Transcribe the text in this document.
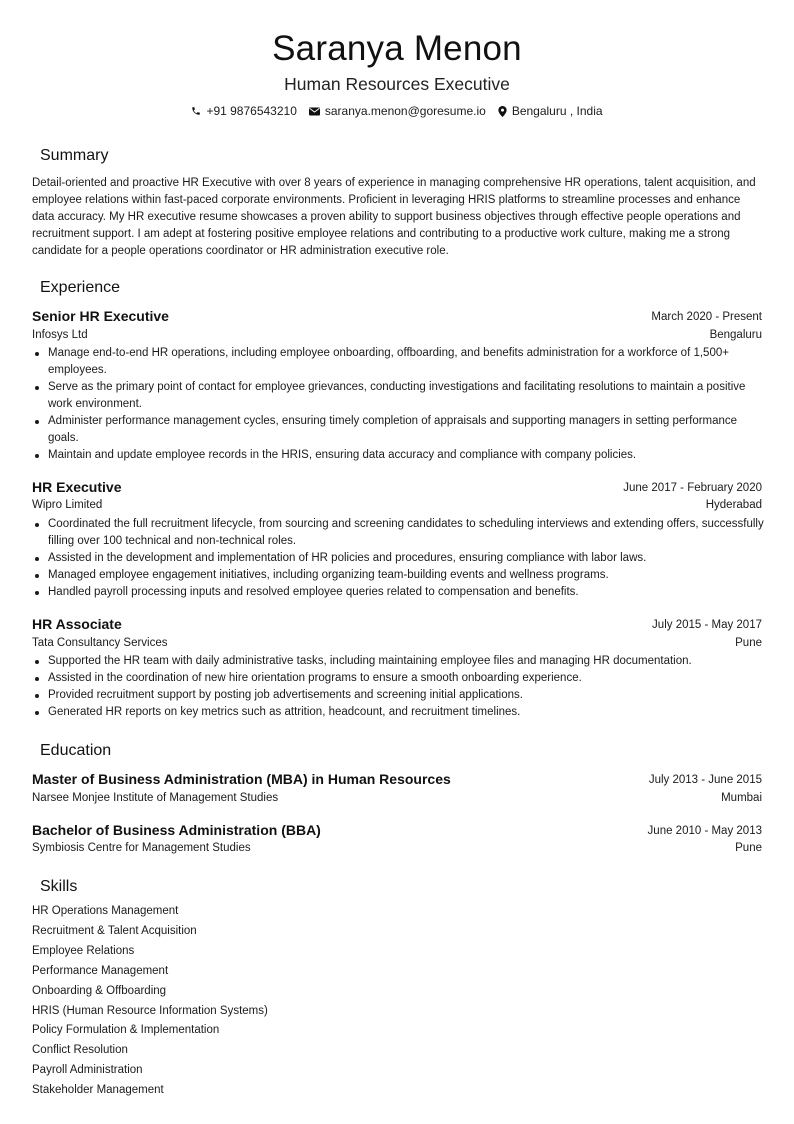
Saranya Menon
Human Resources Executive
+91 9876543210 saranya.menon@goresume.io Bengaluru , India
Summary
Detail-oriented and proactive HR Executive with over 8 years of experience in managing comprehensive HR operations, talent acquisition, and employee relations within fast-paced corporate environments. Proficient in leveraging HRIS platforms to streamline processes and enhance data accuracy. My HR executive resume showcases a proven ability to support business objectives through effective people operations and recruitment support. I am adept at fostering positive employee relations and contributing to a productive work culture, making me a strong candidate for a people operations coordinator or HR administration executive role.
Experience
Senior HR Executive	March 2020 - Present
Infosys Ltd	Bengaluru
Manage end-to-end HR operations, including employee onboarding, offboarding, and benefits administration for a workforce of 1,500+ employees.
Serve as the primary point of contact for employee grievances, conducting investigations and facilitating resolutions to maintain a positive work environment.
Administer performance management cycles, ensuring timely completion of appraisals and supporting managers in setting performance goals.
Maintain and update employee records in the HRIS, ensuring data accuracy and compliance with company policies.
HR Executive	June 2017 - February 2020
Wipro Limited	Hyderabad
Coordinated the full recruitment lifecycle, from sourcing and screening candidates to scheduling interviews and extending offers, successfully filling over 100 technical and non-technical roles.
Assisted in the development and implementation of HR policies and procedures, ensuring compliance with labor laws.
Managed employee engagement initiatives, including organizing team-building events and wellness programs.
Handled payroll processing inputs and resolved employee queries related to compensation and benefits.
HR Associate	July 2015 - May 2017
Tata Consultancy Services	Pune
Supported the HR team with daily administrative tasks, including maintaining employee files and managing HR documentation.
Assisted in the coordination of new hire orientation programs to ensure a smooth onboarding experience.
Provided recruitment support by posting job advertisements and screening initial applications.
Generated HR reports on key metrics such as attrition, headcount, and recruitment timelines.
Education
Master of Business Administration (MBA) in Human Resources	July 2013 - June 2015
Narsee Monjee Institute of Management Studies	Mumbai
Bachelor of Business Administration (BBA)	June 2010 - May 2013
Symbiosis Centre for Management Studies	Pune
Skills
HR Operations Management
Recruitment & Talent Acquisition
Employee Relations
Performance Management
Onboarding & Offboarding
HRIS (Human Resource Information Systems)
Policy Formulation & Implementation
Conflict Resolution
Payroll Administration
Stakeholder Management
